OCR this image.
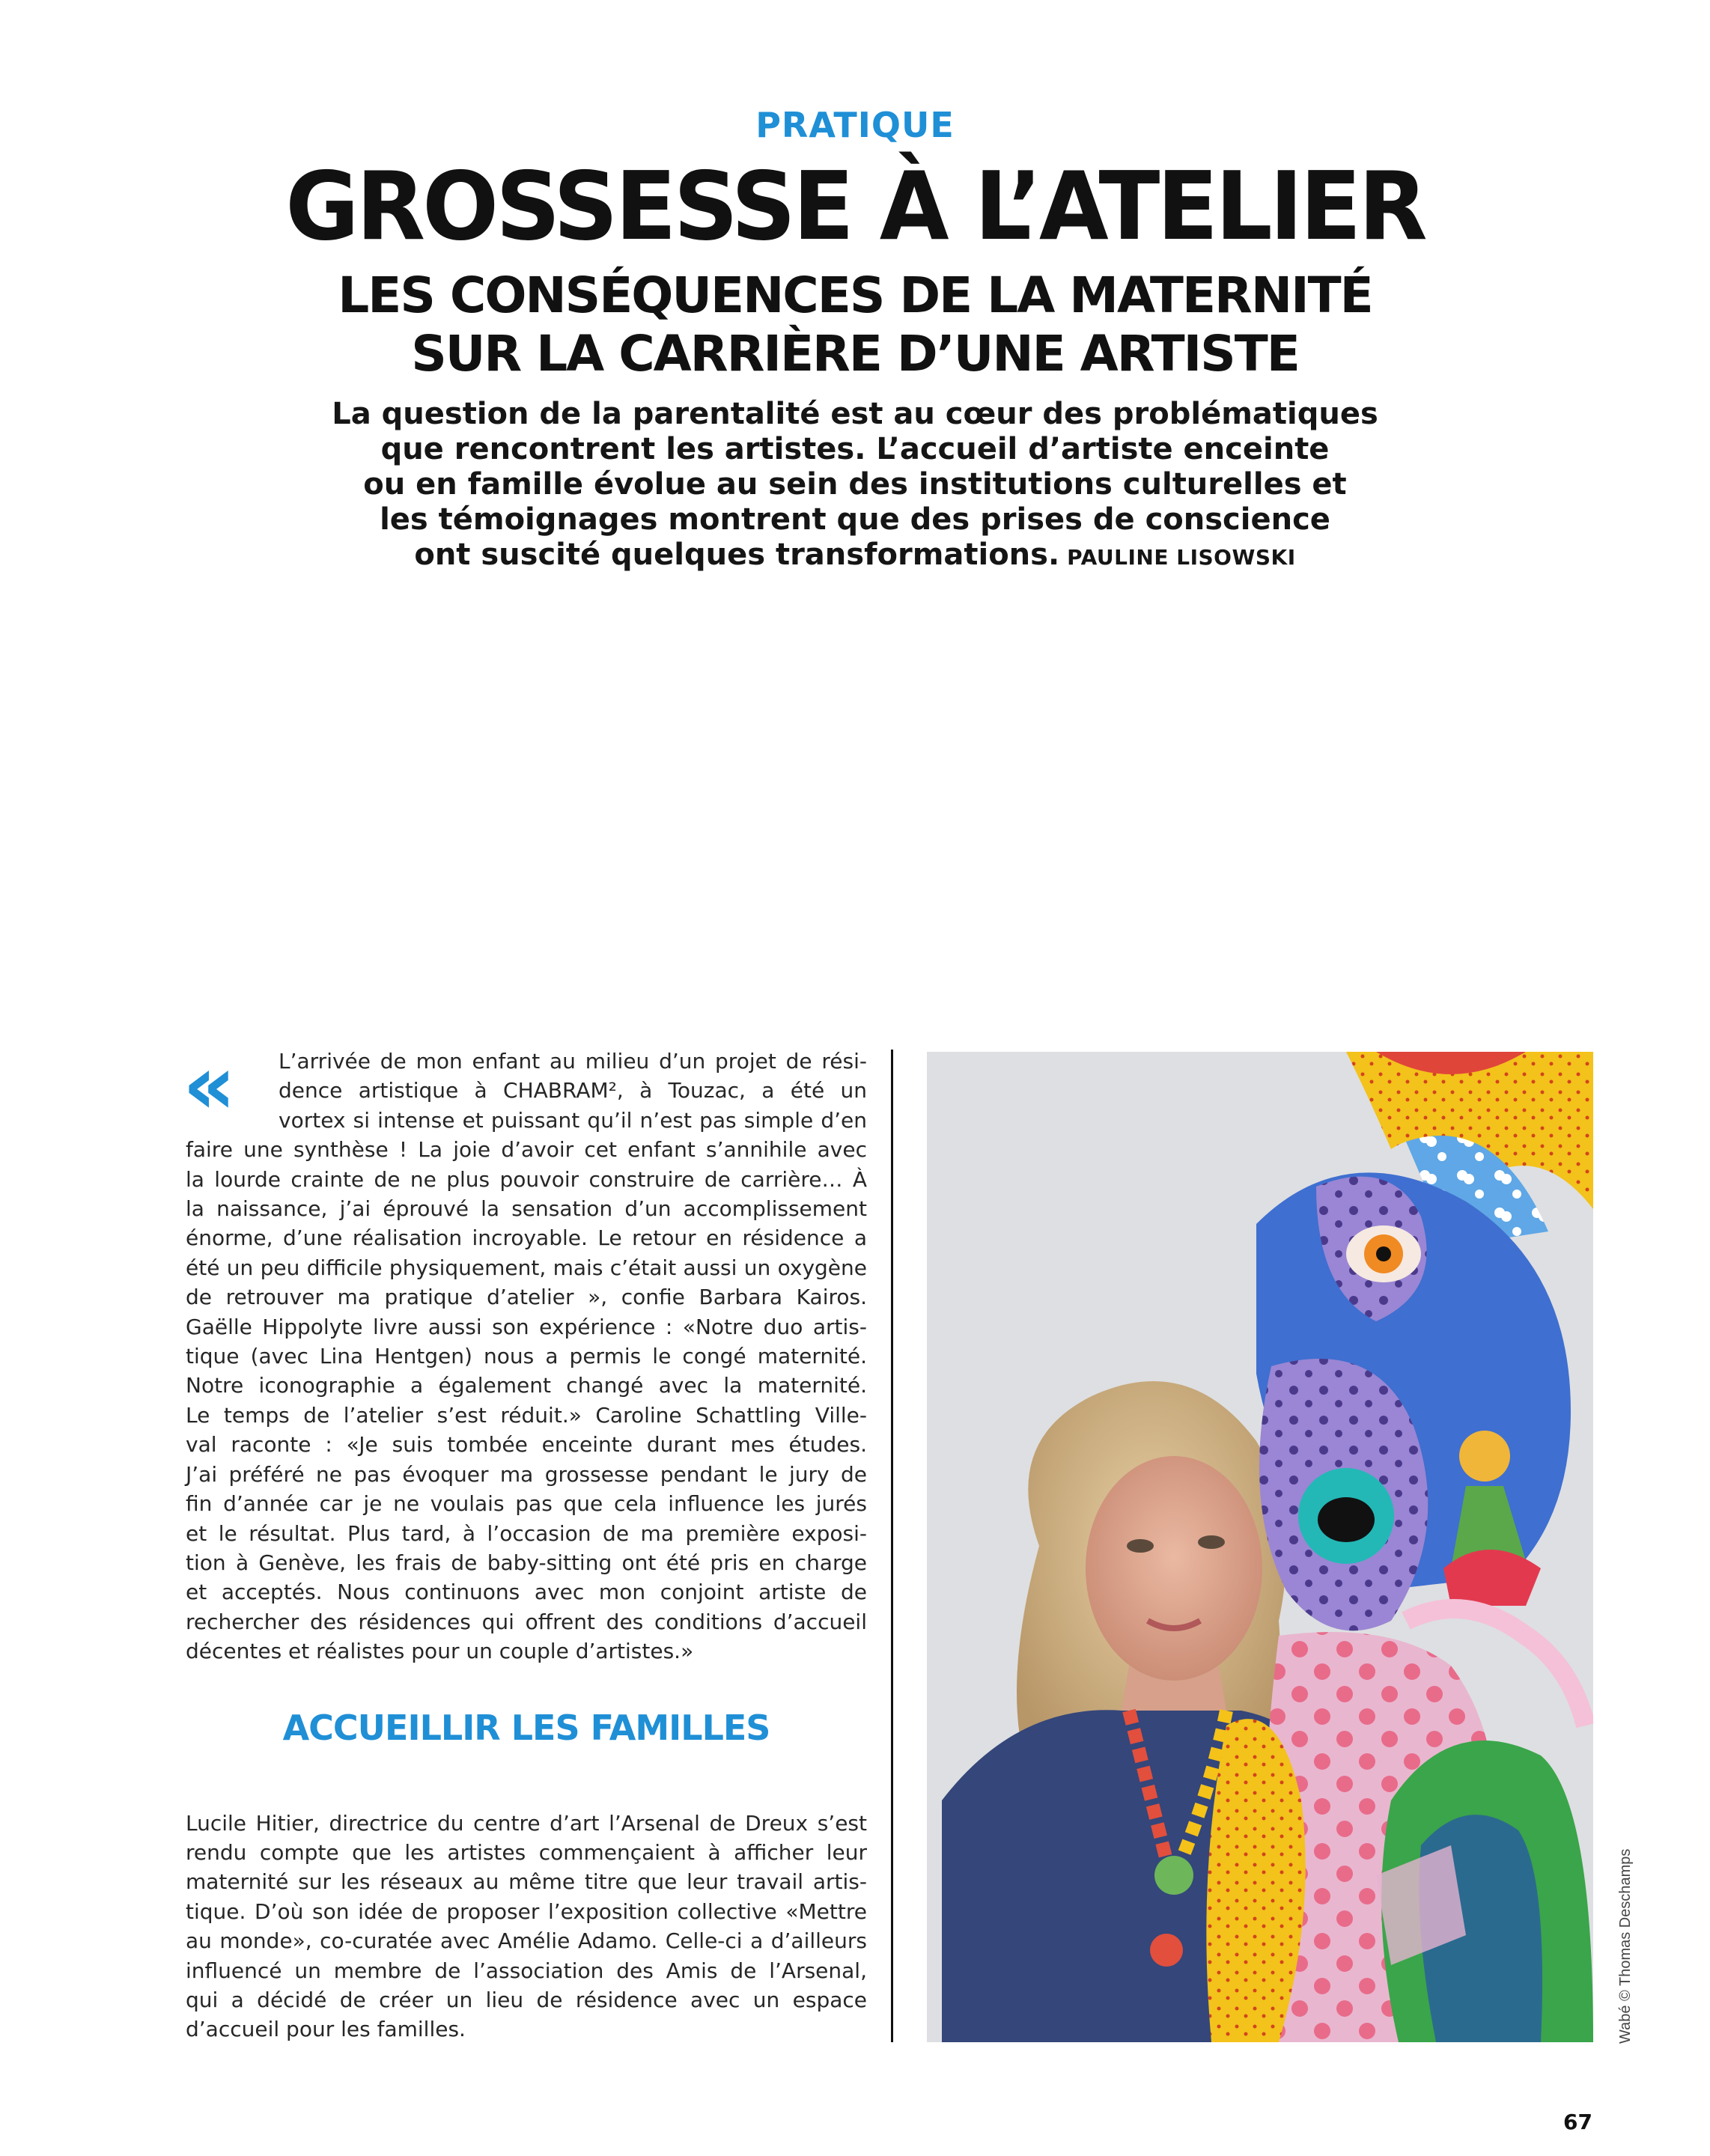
PRATIQUE
GROSSESSE À L’ATELIER
LES CONSÉQUENCES DE LA MATERNITÉ
SUR LA CARRIÈRE D’UNE ARTISTE
La question de la parentalité est au cœur des problématiques
que rencontrent les artistes. L’accueil d’artiste enceinte
ou en famille évolue au sein des institutions culturelles et
les témoignages montrent que des prises de conscience
ont suscité quelques transformations. PAULINE LISOWSKI
«	L’arrivée de mon enfant au milieu d’un projet de rési-
dence artistique à CHABRAM², à Touzac, a été un
vortex si intense et puissant qu’il n’est pas simple d’en
faire une synthèse ! La joie d’avoir cet enfant s’annihile avec
la lourde crainte de ne plus pouvoir construire de carrière… À
la naissance, j’ai éprouvé la sensation d’un accomplissement
énorme, d’une réalisation incroyable. Le retour en résidence a
été un peu difficile physiquement, mais c’était aussi un oxygène
de retrouver ma pratique d’atelier », confie Barbara Kairos.
Gaëlle Hippolyte livre aussi son expérience : «Notre duo artis-
tique (avec Lina Hentgen) nous a permis le congé maternité.
Notre iconographie a également changé avec la maternité.
Le temps de l’atelier s’est réduit.» Caroline Schattling Ville-
val raconte : «Je suis tombée enceinte durant mes études.
J’ai préféré ne pas évoquer ma grossesse pendant le jury de
fin d’année car je ne voulais pas que cela influence les jurés
et le résultat. Plus tard, à l’occasion de ma première exposi-
tion à Genève, les frais de baby-sitting ont été pris en charge
et acceptés. Nous continuons avec mon conjoint artiste de
rechercher des résidences qui offrent des conditions d’accueil
décentes et réalistes pour un couple d’artistes.»
ACCUEILLIR LES FAMILLES
Lucile Hitier, directrice du centre d’art l’Arsenal de Dreux s’est
rendu compte que les artistes commençaient à afficher leur
maternité sur les réseaux au même titre que leur travail artis-
tique. D’où son idée de proposer l’exposition collective «Mettre
au monde», co-curatée avec Amélie Adamo. Celle-ci a d’ailleurs
influencé un membre de l’association des Amis de l’Arsenal,
qui a décidé de créer un lieu de résidence avec un espace
d’accueil pour les familles.	Wabé © Thomas Deschamps
67
